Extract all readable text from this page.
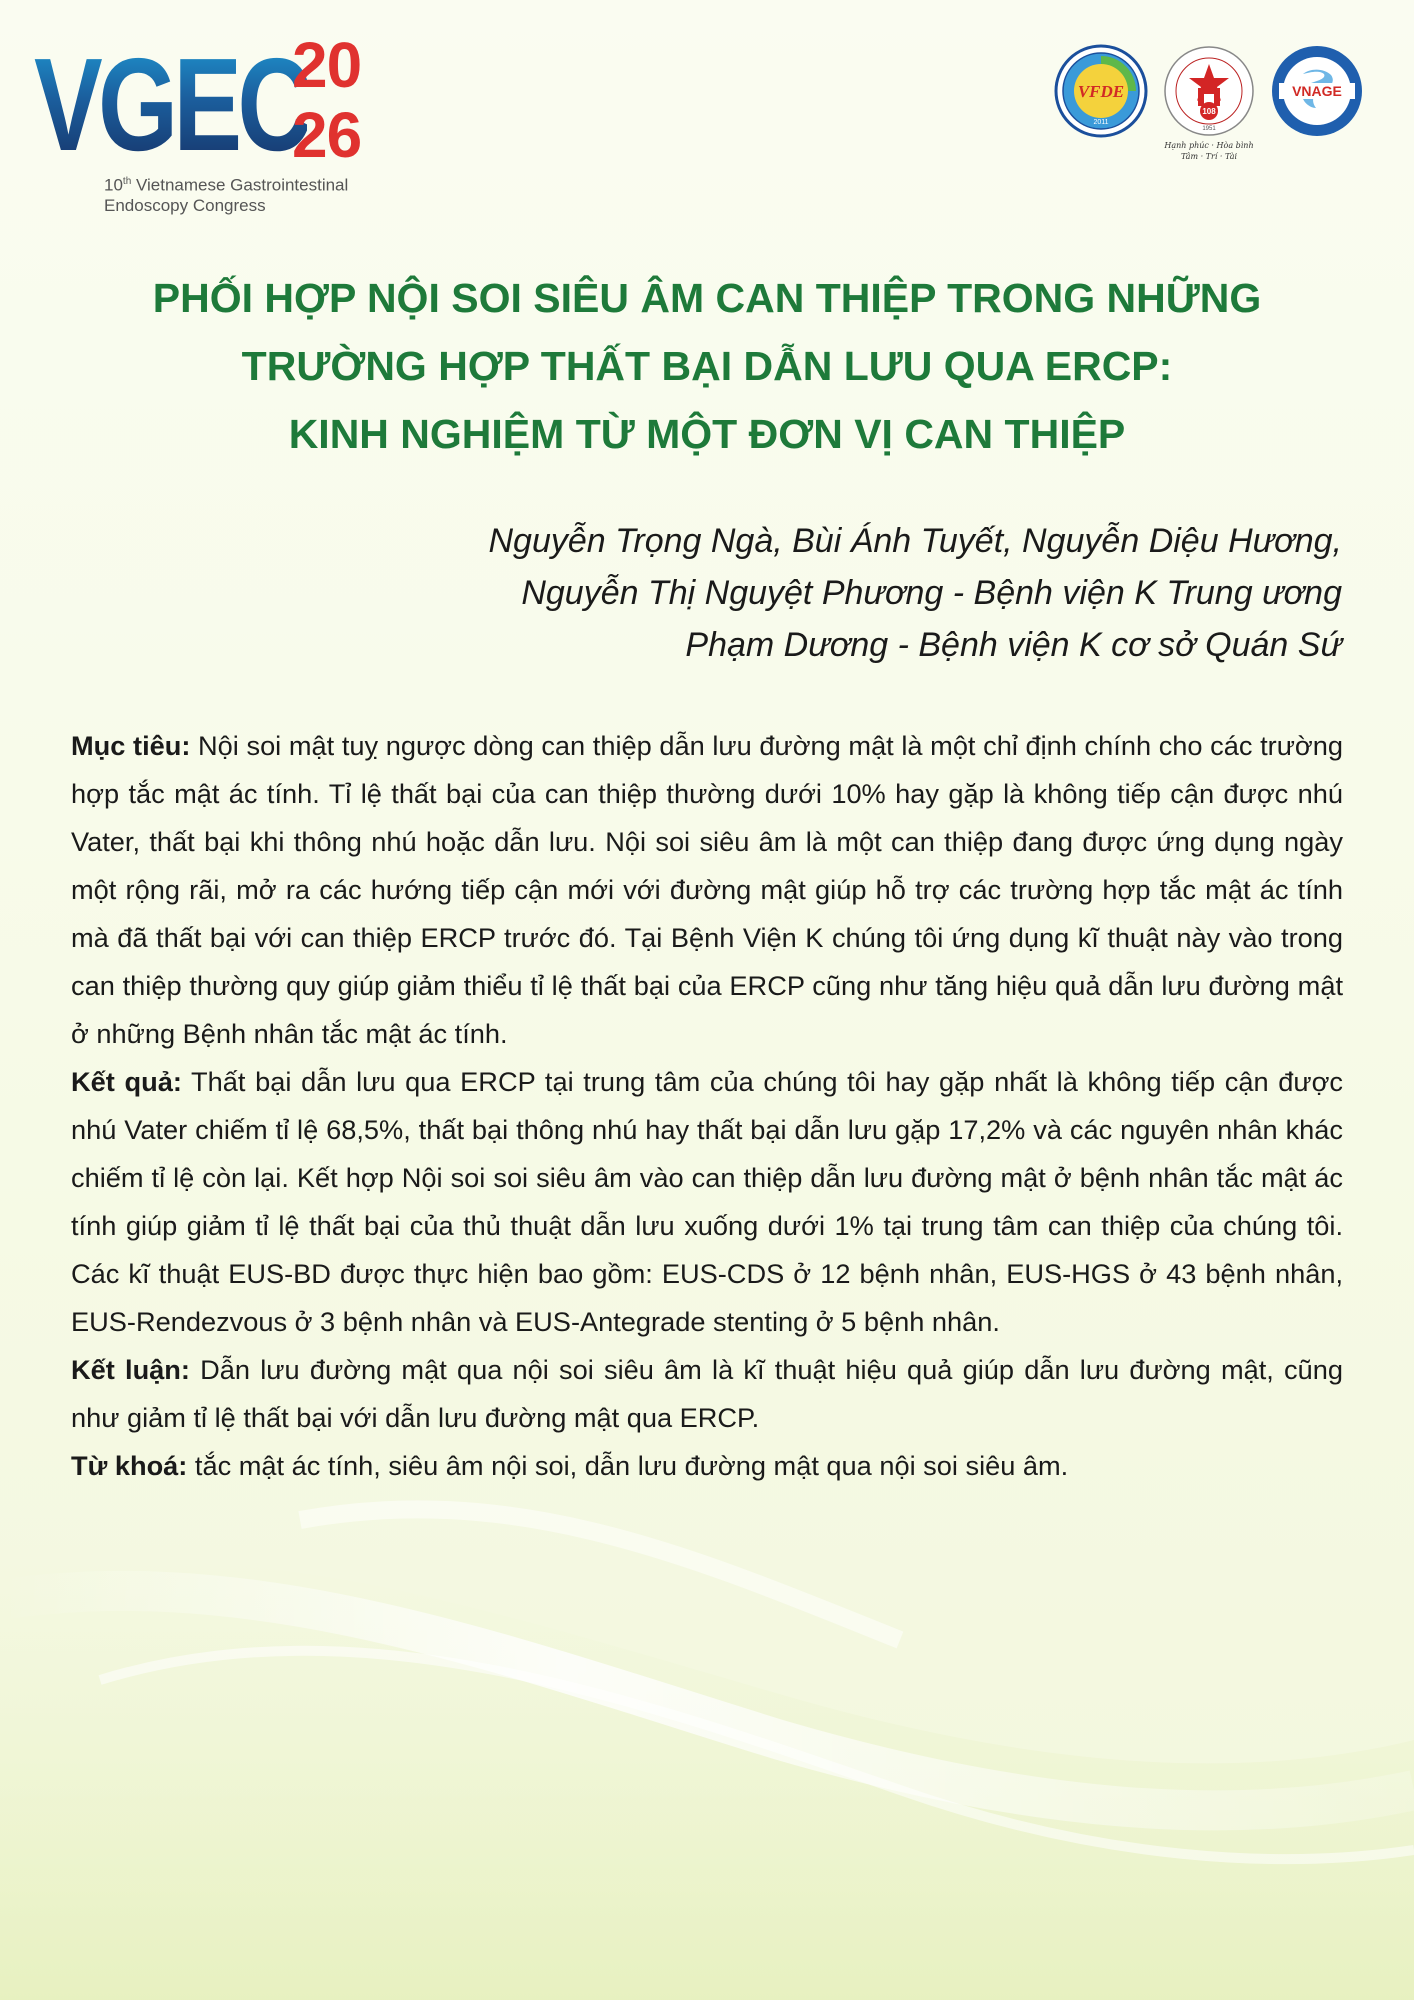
VGEC
20
26
10th Vietnamese Gastrointestinal
Endoscopy Congress
VFDE
2011
108
1951
Hạnh phúc · Hòa bình
Tâm · Trí · Tài
VNAGE
PHỐI HỢP NỘI SOI SIÊU ÂM CAN THIỆP TRONG NHỮNG
TRƯỜNG HỢP THẤT BẠI DẪN LƯU QUA ERCP:
KINH NGHIỆM TỪ MỘT ĐƠN VỊ CAN THIỆP
Nguyễn Trọng Ngà, Bùi Ánh Tuyết, Nguyễn Diệu Hương,
Nguyễn Thị Nguyệt Phương - Bệnh viện K Trung ương
Phạm Dương - Bệnh viện K cơ sở Quán Sứ

Mục tiêu: Nội soi mật tuỵ ngược dòng can thiệp dẫn lưu đường mật là một chỉ định chính cho các trường hợp tắc mật ác tính. Tỉ lệ thất bại của can thiệp thường dưới 10% hay gặp là không tiếp cận được nhú Vater, thất bại khi thông nhú hoặc dẫn lưu. Nội soi siêu âm là một can thiệp đang được ứng dụng ngày một rộng rãi, mở ra các hướng tiếp cận mới với đường mật giúp hỗ trợ các trường hợp tắc mật ác tính mà đã thất bại với can thiệp ERCP trước đó. Tại Bệnh Viện K chúng tôi ứng dụng kĩ thuật này vào trong can thiệp thường quy giúp giảm thiểu tỉ lệ thất bại của ERCP cũng như tăng hiệu quả dẫn lưu đường mật ở những Bệnh nhân tắc mật ác tính.

Kết quả: Thất bại dẫn lưu qua ERCP tại trung tâm của chúng tôi hay gặp nhất là không tiếp cận được nhú Vater chiếm tỉ lệ 68,5%, thất bại thông nhú hay thất bại dẫn lưu gặp 17,2% và các nguyên nhân khác chiếm tỉ lệ còn lại. Kết hợp Nội soi soi siêu âm vào can thiệp dẫn lưu đường mật ở bệnh nhân tắc mật ác tính giúp giảm tỉ lệ thất bại của thủ thuật dẫn lưu xuống dưới 1% tại trung tâm can thiệp của chúng tôi. Các kĩ thuật EUS-BD được thực hiện bao gồm: EUS-CDS ở 12 bệnh nhân, EUS-HGS ở 43 bệnh nhân, EUS-Rendezvous ở 3 bệnh nhân và EUS-Antegrade stenting ở 5 bệnh nhân.

Kết luận: Dẫn lưu đường mật qua nội soi siêu âm là kĩ thuật hiệu quả giúp dẫn lưu đường mật, cũng như giảm tỉ lệ thất bại với dẫn lưu đường mật qua ERCP.

Từ khoá: tắc mật ác tính, siêu âm nội soi, dẫn lưu đường mật qua nội soi siêu âm.
